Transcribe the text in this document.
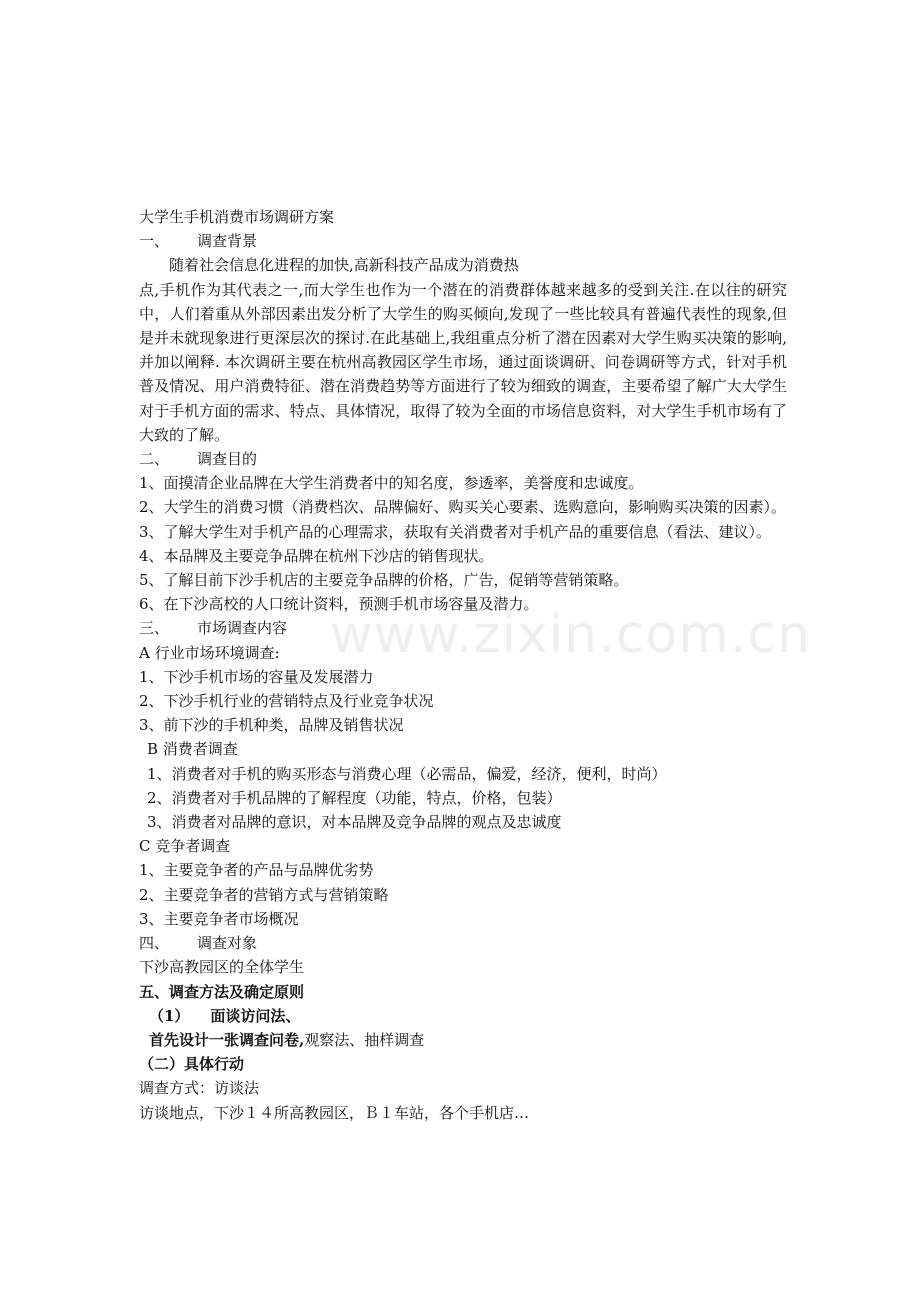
www.zixin.com.cn

大学生手机消费市场调研方案

一、 调查背景

随着社会信息化进程的加快,高新科技产品成为消费热

点,手机作为其代表之一,而大学生也作为一个潜在的消费群体越来越多的受到关注.在以往的研究中，人们着重从外部因素出发分析了大学生的购买倾向,发现了一些比较具有普遍代表性的现象,但是并未就现象进行更深层次的探讨.在此基础上,我组重点分析了潜在因素对大学生购买决策的影响,并加以阐释. 本次调研主要在杭州高教园区学生市场，通过面谈调研、问卷调研等方式，针对手机普及情况、用户消费特征、潜在消费趋势等方面进行了较为细致的调查，主要希望了解广大大学生对于手机方面的需求、特点、具体情况，取得了较为全面的市场信息资料，对大学生手机市场有了大致的了解。

二、 调查目的

1、面摸清企业品牌在大学生消费者中的知名度，参透率，美誉度和忠诚度。

2、大学生的消费习惯（消费档次、品牌偏好、购买关心要素、选购意向，影响购买决策的因素）。

3、了解大学生对手机产品的心理需求，获取有关消费者对手机产品的重要信息（看法、建议）。

4、本品牌及主要竞争品牌在杭州下沙店的销售现状。

5、了解目前下沙手机店的主要竞争品牌的价格，广告，促销等营销策略。

6、在下沙高校的人口统计资料，预测手机市场容量及潜力。

三、 市场调查内容

A 行业市场环境调查:

1、下沙手机市场的容量及发展潜力

2、下沙手机行业的营销特点及行业竞争状况

3、前下沙的手机种类，品牌及销售状况

B 消费者调查

1、消费者对手机的购买形态与消费心理（必需品，偏爱，经济，便利，时尚）

2、消费者对手机品牌的了解程度（功能，特点，价格，包装）

3、消费者对品牌的意识，对本品牌及竞争品牌的观点及忠诚度

C 竞争者调查

1、主要竞争者的产品与品牌优劣势

2、主要竞争者的营销方式与营销策略

3、主要竞争者市场概况

四、 调查对象

下沙高教园区的全体学生

五、调查方法及确定原则

（1） 面谈访问法、

首先设计一张调查问卷,观察法、抽样调查

（二）具体行动

调查方式：访谈法

访谈地点，下沙１４所高教园区，Ｂ１车站，各个手机店…
